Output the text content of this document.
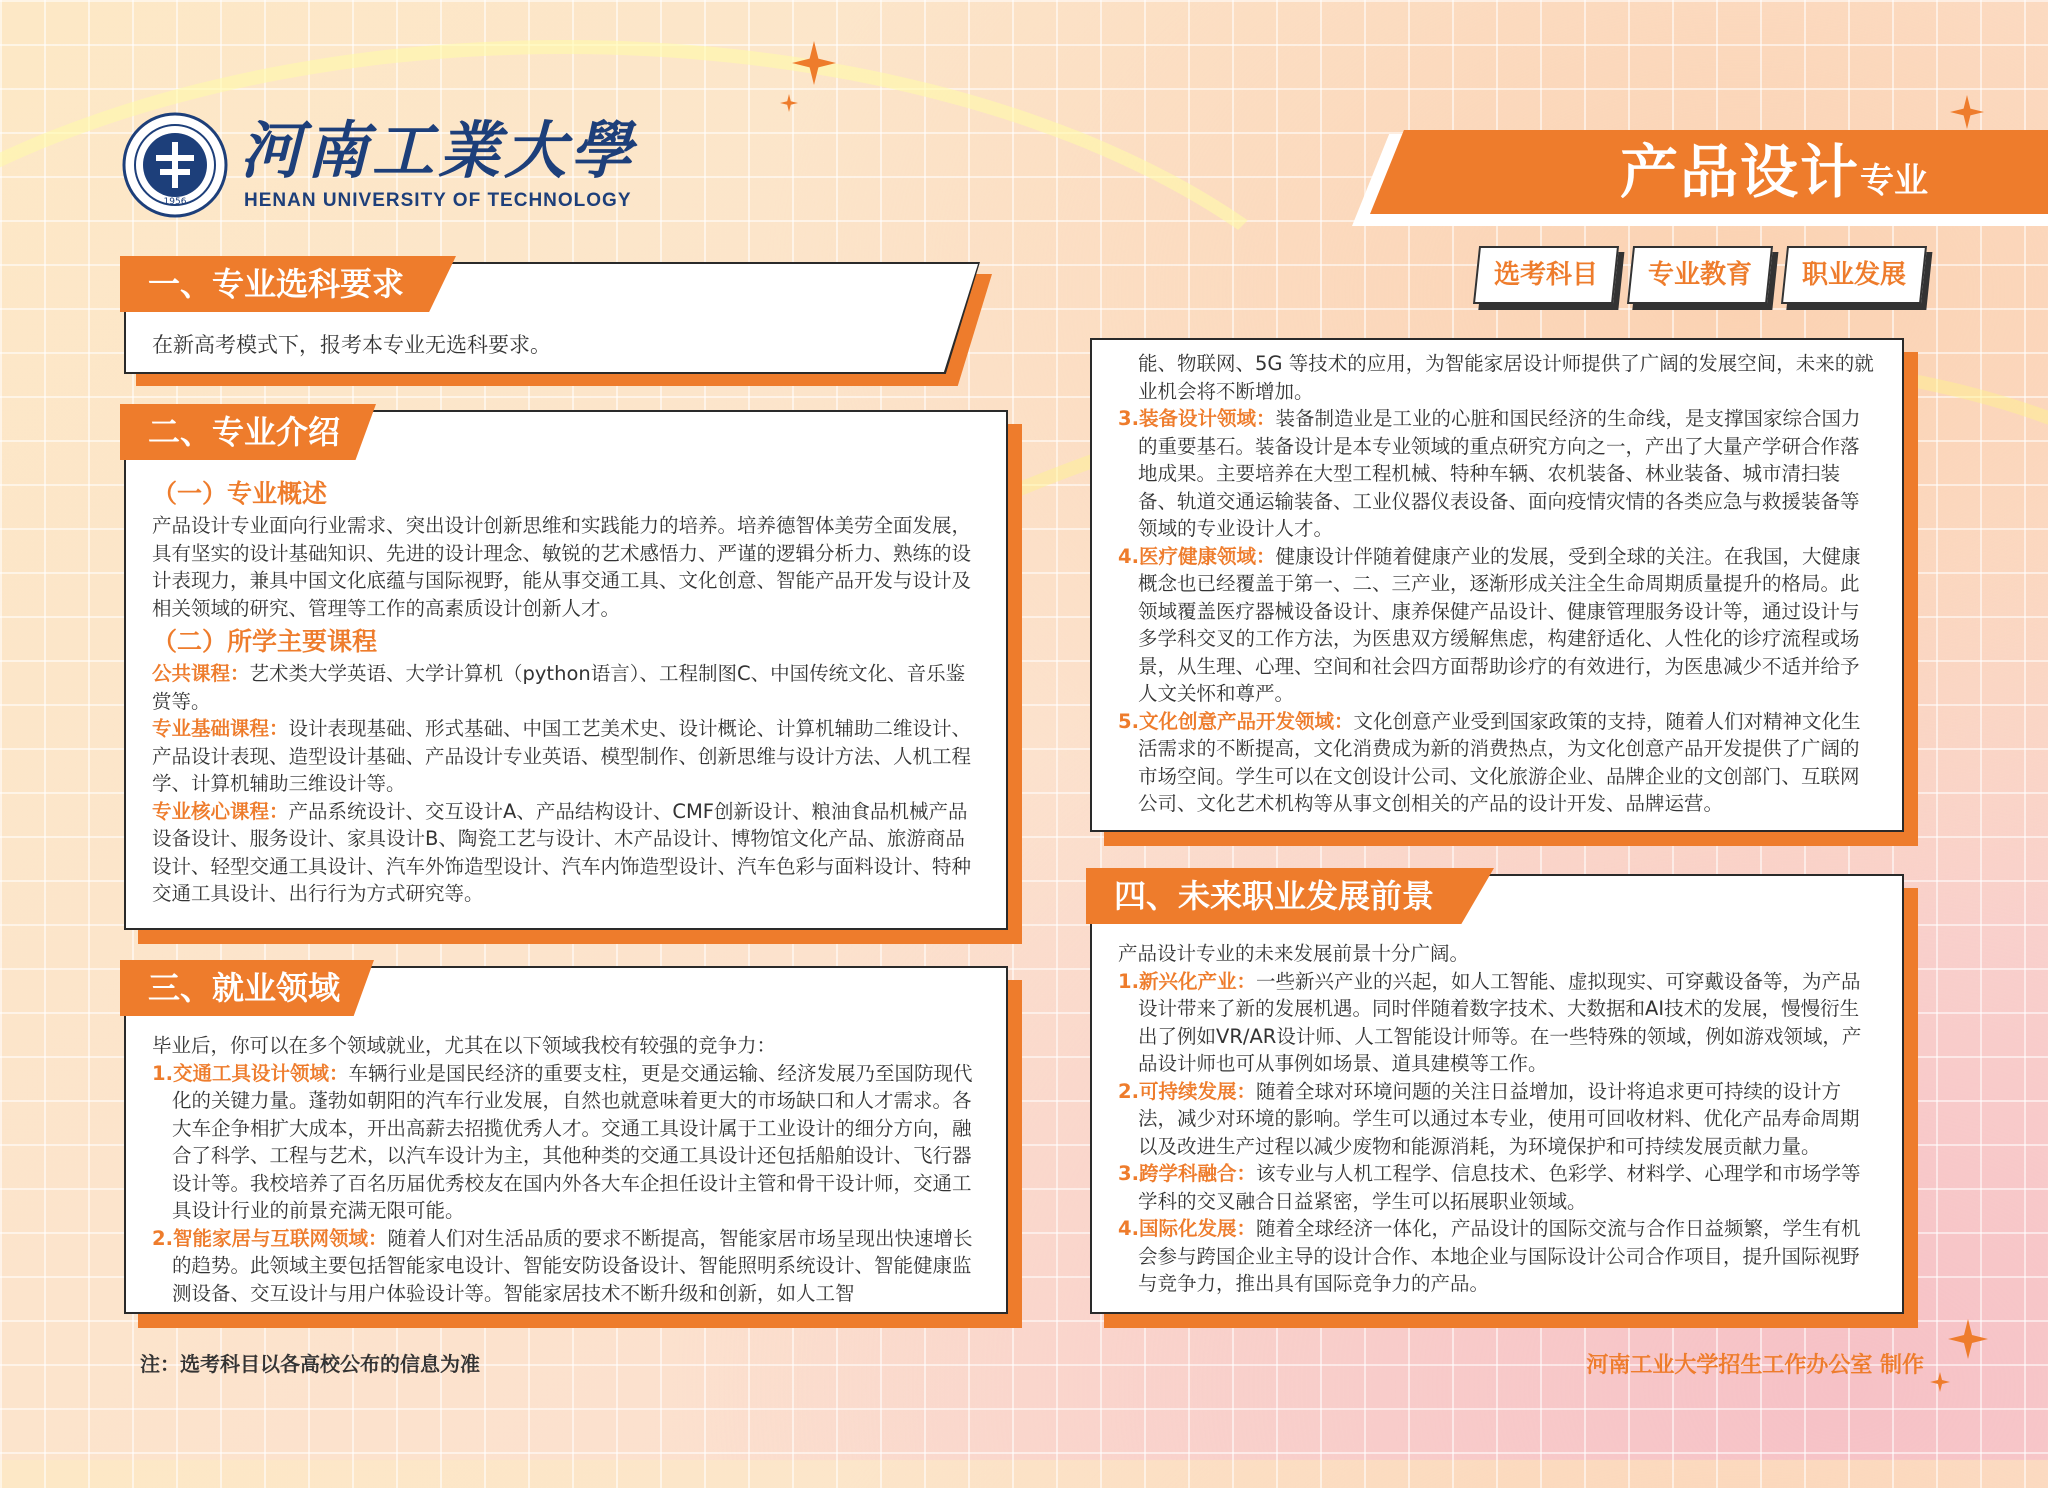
1956
河南工業大學
HENAN UNIVERSITY OF TECHNOLOGY	产品设计专业
选考科目	专业教育	职业发展
一、专业选科要求

在新高考模式下，报考本专业无选科要求。

二、专业介绍
（一）专业概述

产品设计专业面向行业需求、突出设计创新思维和实践能力的培养。培养德智体美劳全面发展，具有坚实的设计基础知识、先进的设计理念、敏锐的艺术感悟力、严谨的逻辑分析力、熟练的设计表现力，兼具中国文化底蕴与国际视野，能从事交通工具、文化创意、智能产品开发与设计及相关领域的研究、管理等工作的高素质设计创新人才。

（二）所学主要课程

公共课程：艺术类大学英语、大学计算机（python语言）、工程制图C、中国传统文化、音乐鉴赏等。

专业基础课程：设计表现基础、形式基础、中国工艺美术史、设计概论、计算机辅助二维设计、产品设计表现、造型设计基础、产品设计专业英语、模型制作、创新思维与设计方法、人机工程学、计算机辅助三维设计等。

专业核心课程：产品系统设计、交互设计A、产品结构设计、CMF创新设计、粮油食品机械产品设备设计、服务设计、家具设计B、陶瓷工艺与设计、木产品设计、博物馆文化产品、旅游商品设计、轻型交通工具设计、汽车外饰造型设计、汽车内饰造型设计、汽车色彩与面料设计、特种交通工具设计、出行行为方式研究等。

三、就业领域

毕业后，你可以在多个领域就业，尤其在以下领域我校有较强的竞争力：

1.交通工具设计领域：车辆行业是国民经济的重要支柱，更是交通运输、经济发展乃至国防现代化的关键力量。蓬勃如朝阳的汽车行业发展，自然也就意味着更大的市场缺口和人才需求。各大车企争相扩大成本，开出高薪去招揽优秀人才。交通工具设计属于工业设计的细分方向，融合了科学、工程与艺术，以汽车设计为主，其他种类的交通工具设计还包括船舶设计、飞行器设计等。我校培养了百名历届优秀校友在国内外各大车企担任设计主管和骨干设计师，交通工具设计行业的前景充满无限可能。

2.智能家居与互联网领域：随着人们对生活品质的要求不断提高，智能家居市场呈现出快速增长的趋势。此领域主要包括智能家电设计、智能安防设备设计、智能照明系统设计、智能健康监测设备、交互设计与用户体验设计等。智能家居技术不断升级和创新，如人工智

能、物联网、5G 等技术的应用，为智能家居设计师提供了广阔的发展空间，未来的就业机会将不断增加。

3.装备设计领域：装备制造业是工业的心脏和国民经济的生命线，是支撑国家综合国力的重要基石。装备设计是本专业领域的重点研究方向之一，产出了大量产学研合作落地成果。主要培养在大型工程机械、特种车辆、农机装备、林业装备、城市清扫装备、轨道交通运输装备、工业仪器仪表设备、面向疫情灾情的各类应急与救援装备等领域的专业设计人才。

4.医疗健康领域：健康设计伴随着健康产业的发展，受到全球的关注。在我国，大健康概念也已经覆盖于第一、二、三产业，逐渐形成关注全生命周期质量提升的格局。此领域覆盖医疗器械设备设计、康养保健产品设计、健康管理服务设计等，通过设计与多学科交叉的工作方法，为医患双方缓解焦虑，构建舒适化、人性化的诊疗流程或场景，从生理、心理、空间和社会四方面帮助诊疗的有效进行，为医患减少不适并给予人文关怀和尊严。

5.文化创意产品开发领域：文化创意产业受到国家政策的支持，随着人们对精神文化生活需求的不断提高，文化消费成为新的消费热点，为文化创意产品开发提供了广阔的市场空间。学生可以在文创设计公司、文化旅游企业、品牌企业的文创部门、互联网公司、文化艺术机构等从事文创相关的产品的设计开发、品牌运营。

四、未来职业发展前景

产品设计专业的未来发展前景十分广阔。

1.新兴化产业：一些新兴产业的兴起，如人工智能、虚拟现实、可穿戴设备等，为产品设计带来了新的发展机遇。同时伴随着数字技术、大数据和AI技术的发展，慢慢衍生出了例如VR/AR设计师、人工智能设计师等。在一些特殊的领域，例如游戏领域，产品设计师也可从事例如场景、道具建模等工作。

2.可持续发展：随着全球对环境问题的关注日益增加，设计将追求更可持续的设计方法，减少对环境的影响。学生可以通过本专业，使用可回收材料、优化产品寿命周期以及改进生产过程以减少废物和能源消耗，为环境保护和可持续发展贡献力量。

3.跨学科融合：该专业与人机工程学、信息技术、色彩学、材料学、心理学和市场学等学科的交叉融合日益紧密，学生可以拓展职业领域。

4.国际化发展：随着全球经济一体化，产品设计的国际交流与合作日益频繁，学生有机会参与跨国企业主导的设计合作、本地企业与国际设计公司合作项目，提升国际视野与竞争力，推出具有国际竞争力的产品。

注：选考科目以各高校公布的信息为准	河南工业大学招生工作办公室 制作
